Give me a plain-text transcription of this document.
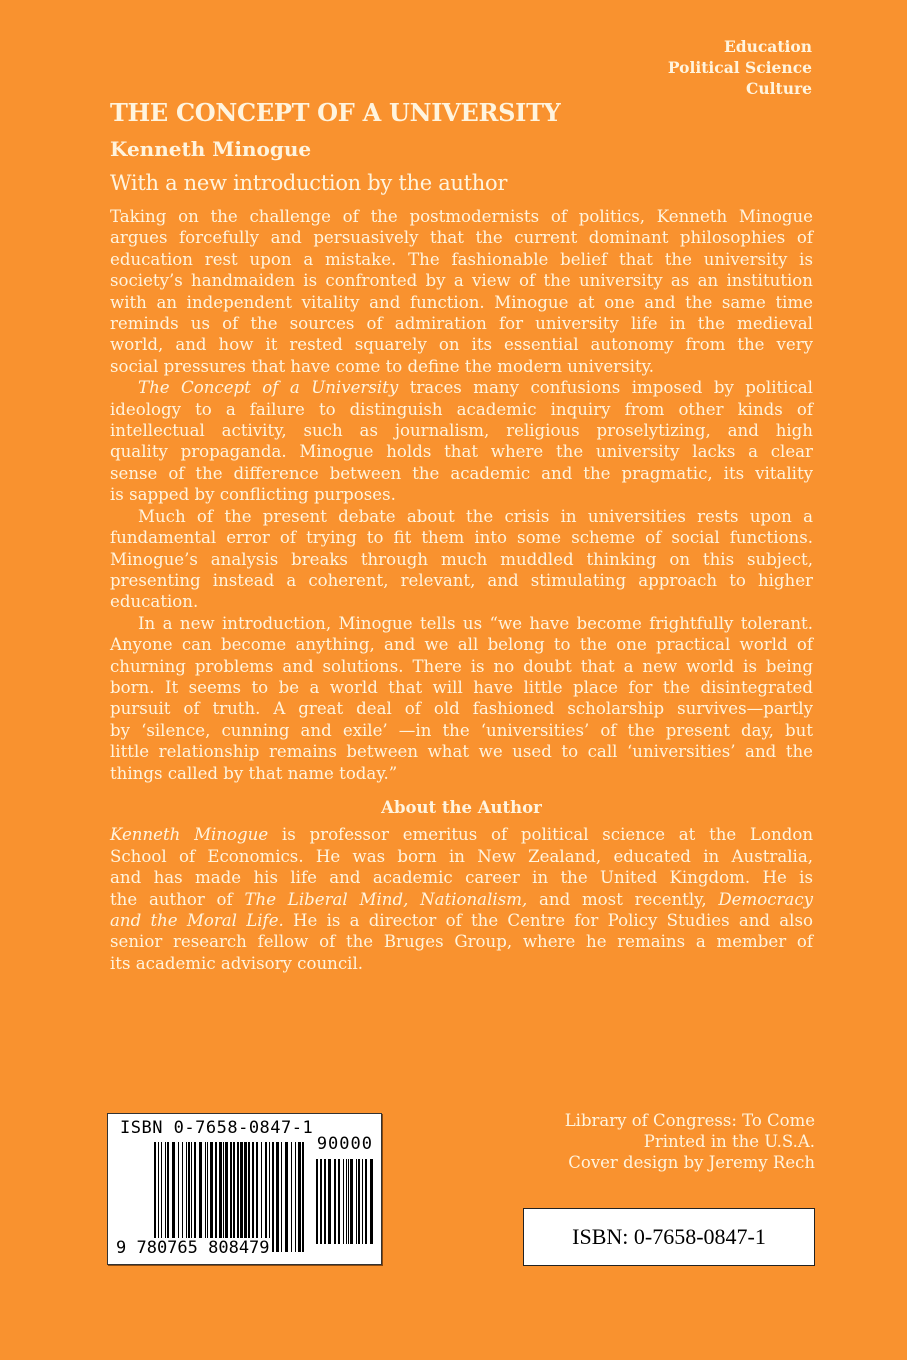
Education
Political Science
Culture
THE CONCEPT OF A UNIVERSITY
Kenneth Minogue
With a new introduction by the author
Taking on the challenge of the postmodernists of politics, Kenneth Minogue
argues forcefully and persuasively that the current dominant philosophies of
education rest upon a mistake. The fashionable belief that the university is
society’s handmaiden is confronted by a view of the university as an institution
with an independent vitality and function. Minogue at one and the same time
reminds us of the sources of admiration for university life in the medieval
world, and how it rested squarely on its essential autonomy from the very
social pressures that have come to define the modern university.
The Concept of a University traces many confusions imposed by political
ideology to a failure to distinguish academic inquiry from other kinds of
intellectual activity, such as journalism, religious proselytizing, and high
quality propaganda. Minogue holds that where the university lacks a clear
sense of the difference between the academic and the pragmatic, its vitality
is sapped by conflicting purposes.
Much of the present debate about the crisis in universities rests upon a
fundamental error of trying to fit them into some scheme of social functions.
Minogue’s analysis breaks through much muddled thinking on this subject,
presenting instead a coherent, relevant, and stimulating approach to higher
education.
In a new introduction, Minogue tells us “we have become frightfully tolerant.
Anyone can become anything, and we all belong to the one practical world of
churning problems and solutions. There is no doubt that a new world is being
born. It seems to be a world that will have little place for the disintegrated
pursuit of truth. A great deal of old fashioned scholarship survives—partly
by ‘silence, cunning and exile’ —in the ‘universities’ of the present day, but
little relationship remains between what we used to call ‘universities’ and the
things called by that name today.”
About the Author
Kenneth Minogue is professor emeritus of political science at the London
School of Economics. He was born in New Zealand, educated in Australia,
and has made his life and academic career in the United Kingdom. He is
the author of The Liberal Mind, Nationalism, and most recently, Democracy
and the Moral Life. He is a director of the Centre for Policy Studies and also
senior research fellow of the Bruges Group, where he remains a member of
its academic advisory council.
ISBN 0-7658-0847-1
90000
9 780765 808479
Library of Congress: To Come
Printed in the U.S.A.
Cover design by Jeremy Rech
ISBN: 0-7658-0847-1
